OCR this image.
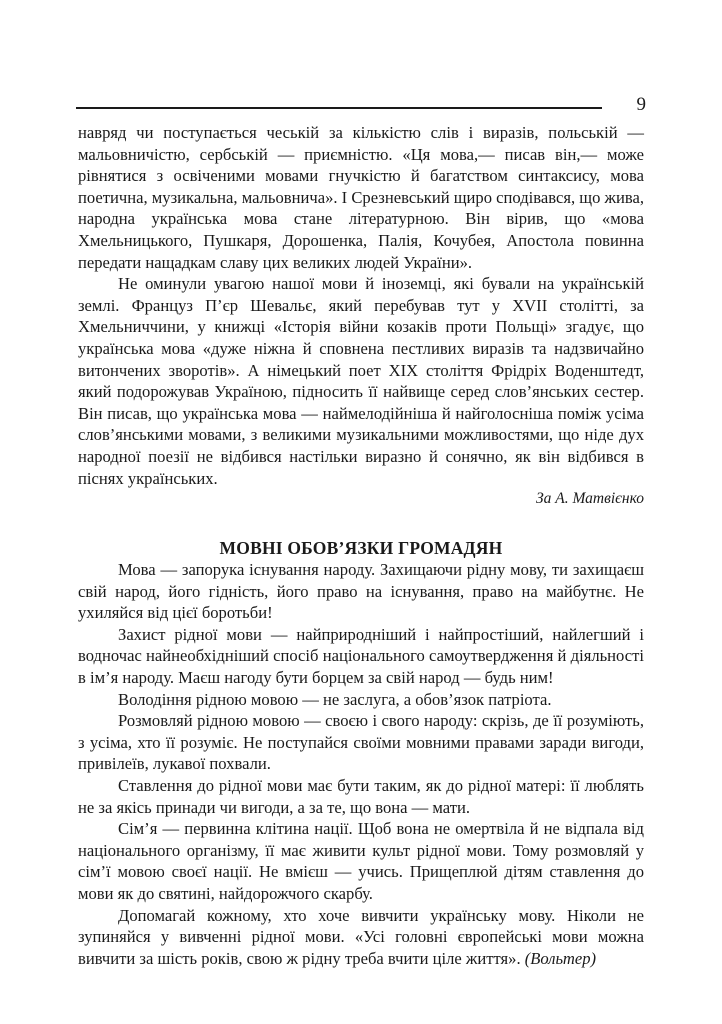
9

навряд чи поступається чеській за кількістю слів і виразів, польській — мальовничістю, сербській — приємністю. «Ця мова,— писав він,— може рівнятися з освіченими мовами гнучкістю й багатством синтаксису, мова поетична, музикальна, мальовнича». І Срезневський щиро сподівався, що жива, народна українська мова стане літературною. Він вірив, що «мова Хмельницького, Пушкаря, Дорошенка, Палія, Кочубея, Апостола повинна передати нащадкам славу цих великих людей України».

Не оминули увагою нашої мови й іноземці, які бували на українській землі. Француз П’єр Шевальє, який перебував тут у XVII столітті, за Хмельниччини, у книжці «Історія війни козаків проти Польщі» згадує, що українська мова «дуже ніжна й сповнена пестливих виразів та надзвичайно витончених зворотів». А німецький поет XIX століття Фрідріх Воденштедт, який подорожував Україною, підносить її найвище серед слов’янських сестер. Він писав, що українська мова — наймелодійніша й найголосніша поміж усіма слов’янськими мовами, з великими музикальними можливостями, що ніде дух народної поезії не відбився настільки виразно й сонячно, як він відбився в піснях українських.

За А. Матвієнко

МОВНІ ОБОВ’ЯЗКИ ГРОМАДЯН

Мова — запорука існування народу. Захищаючи рідну мову, ти захищаєш свій народ, його гідність, його право на існування, право на майбутнє. Не ухиляйся від цієї боротьби!

Захист рідної мови — найприродніший і найпростіший, найлегший і водночас найнеобхідніший спосіб національного самоутвердження й діяльності в ім’я народу. Маєш нагоду бути борцем за свій народ — будь ним!

Володіння рідною мовою — не заслуга, а обов’язок патріота.

Розмовляй рідною мовою — своєю і свого народу: скрізь, де її розуміють, з усіма, хто її розуміє. Не поступайся своїми мовними правами заради вигоди, привілеїв, лукавої похвали.

Ставлення до рідної мови має бути таким, як до рідної матері: її люблять не за якісь принади чи вигоди, а за те, що вона — мати.

Сім’я — первинна клітина нації. Щоб вона не омертвіла й не відпала від національного організму, її має живити культ рідної мови. Тому розмовляй у сім’ї мовою своєї нації. Не вмієш — учись. Прищеплюй дітям ставлення до мови як до святині, найдорожчого скарбу.

Допомагай кожному, хто хоче вивчити українську мову. Ніколи не зупиняйся у вивченні рідної мови. «Усі головні європейські мови можна вивчити за шість років, свою ж рідну треба вчити ціле життя». (Вольтер)
